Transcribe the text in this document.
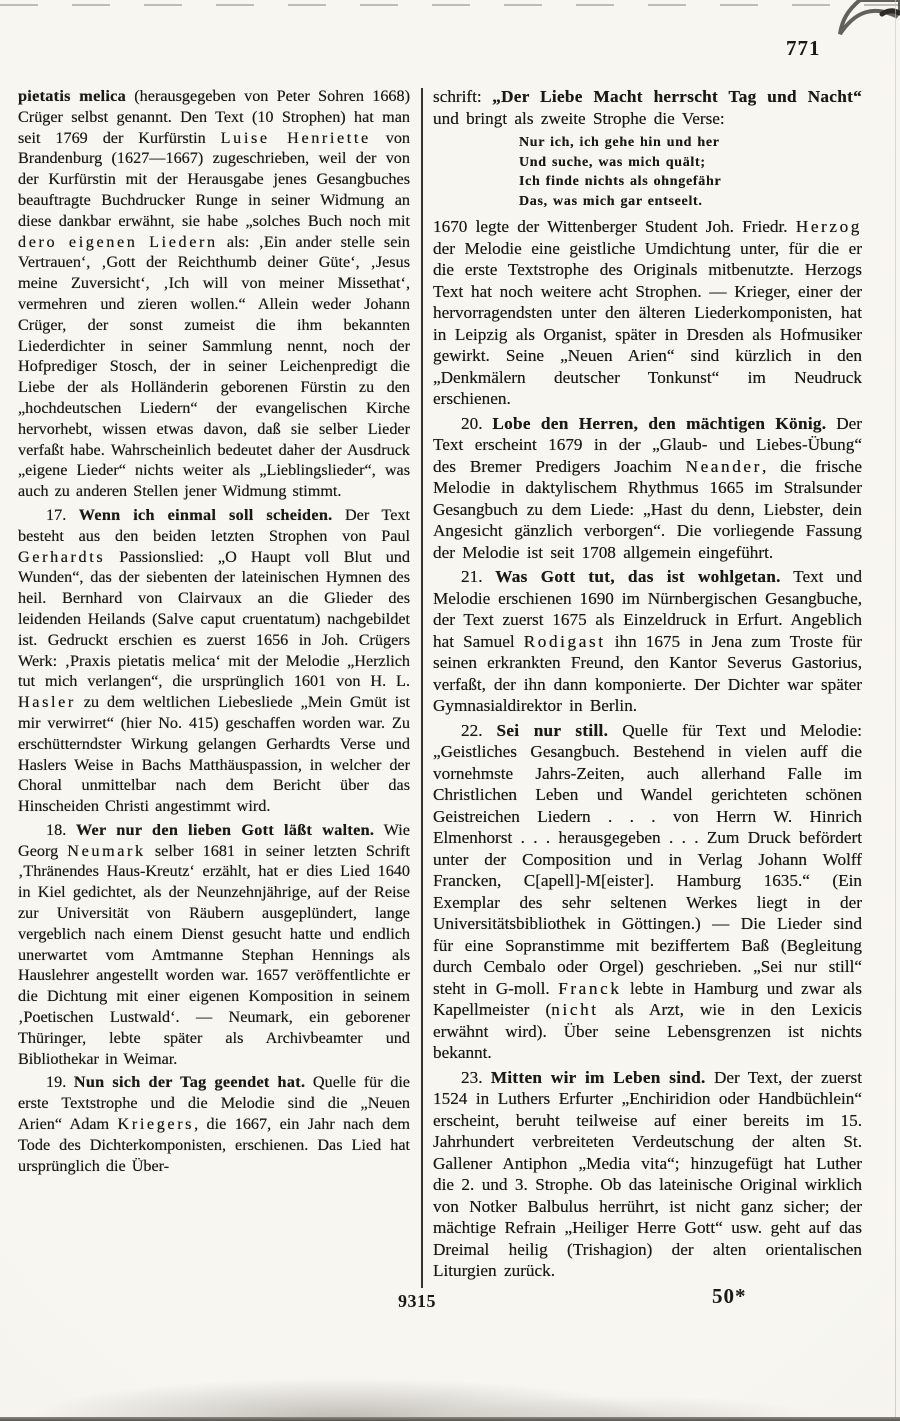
771

pietatis melica (herausgegeben von Peter Sohren 1668) Crüger selbst genannt. Den Text (10 Strophen) hat man seit 1769 der Kurfürstin Luise Henriette von Brandenburg (1627—1667) zugeschrieben, weil der von der Kurfürstin mit der Herausgabe jenes Gesangbuches beauftragte Buchdrucker Runge in seiner Widmung an diese dankbar erwähnt, sie habe „solches Buch noch mit dero eigenen Liedern als: ‚Ein ander stelle sein Vertrauen‘, ‚Gott der Reichthumb deiner Güte‘, ‚Jesus meine Zuversicht‘, ‚Ich will von meiner Missethat‘, vermehren und zieren wollen.“ Allein weder Johann Crüger, der sonst zumeist die ihm bekannten Liederdichter in seiner Sammlung nennt, noch der Hofprediger Stosch, der in seiner Leichenpredigt die Liebe der als Holländerin geborenen Fürstin zu den „hochdeutschen Liedern“ der evangelischen Kirche hervorhebt, wissen etwas davon, daß sie selber Lieder verfaßt habe. Wahrscheinlich bedeutet daher der Ausdruck „eigene Lieder“ nichts weiter als „Lieblingslieder“, was auch zu anderen Stellen jener Widmung stimmt.

17. Wenn ich einmal soll scheiden. Der Text besteht aus den beiden letzten Strophen von Paul Gerhardts Passionslied: „O Haupt voll Blut und Wunden“, das der siebenten der lateinischen Hymnen des heil. Bernhard von Clairvaux an die Glieder des leidenden Heilands (Salve caput cruentatum) nachgebildet ist. Gedruckt erschien es zuerst 1656 in Joh. Crügers Werk: ‚Praxis pietatis melica‘ mit der Melodie „Herzlich tut mich verlangen“, die ursprünglich 1601 von H. L. Hasler zu dem weltlichen Liebesliede „Mein Gmüt ist mir verwirret“ (hier No. 415) geschaffen worden war. Zu erschütterndster Wirkung gelangen Gerhardts Verse und Haslers Weise in Bachs Matthäuspassion, in welcher der Choral unmittelbar nach dem Bericht über das Hinscheiden Christi angestimmt wird.

18. Wer nur den lieben Gott läßt walten. Wie Georg Neumark selber 1681 in seiner letzten Schrift ‚Thränendes Haus-Kreutz‘ erzählt, hat er dies Lied 1640 in Kiel gedichtet, als der Neunzehnjährige, auf der Reise zur Universität von Räubern ausgeplündert, lange vergeblich nach einem Dienst gesucht hatte und endlich unerwartet vom Amtmanne Stephan Hennings als Hauslehrer angestellt worden war. 1657 veröffentlichte er die Dichtung mit einer eigenen Komposition in seinem ‚Poetischen Lustwald‘. — Neumark, ein geborener Thüringer, lebte später als Archivbeamter und Bibliothekar in Weimar.

19. Nun sich der Tag geendet hat. Quelle für die erste Textstrophe und die Melodie sind die „Neuen Arien“ Adam Kriegers, die 1667, ein Jahr nach dem Tode des Dichterkomponisten, erschienen. Das Lied hat ursprünglich die Über-

schrift: „Der Liebe Macht herrscht Tag und Nacht“ und bringt als zweite Strophe die Verse:

Nur ich, ich gehe hin und her
Und suche, was mich quält;
Ich finde nichts als ohngefähr
Das, was mich gar entseelt.

1670 legte der Wittenberger Student Joh. Friedr. Herzog der Melodie eine geistliche Umdichtung unter, für die er die erste Textstrophe des Originals mitbenutzte. Herzogs Text hat noch weitere acht Strophen. — Krieger, einer der hervorragendsten unter den älteren Liederkomponisten, hat in Leipzig als Organist, später in Dresden als Hofmusiker gewirkt. Seine „Neuen Arien“ sind kürzlich in den „Denkmälern deutscher Tonkunst“ im Neudruck erschienen.

20. Lobe den Herren, den mächtigen König. Der Text erscheint 1679 in der „Glaub- und Liebes-Übung“ des Bremer Predigers Joachim Neander, die frische Melodie in daktylischem Rhythmus 1665 im Stralsunder Gesangbuch zu dem Liede: „Hast du denn, Liebster, dein Angesicht gänzlich verborgen“. Die vorliegende Fassung der Melodie ist seit 1708 allgemein eingeführt.

21. Was Gott tut, das ist wohlgetan. Text und Melodie erschienen 1690 im Nürnbergischen Gesangbuche, der Text zuerst 1675 als Einzeldruck in Erfurt. Angeblich hat Samuel Rodigast ihn 1675 in Jena zum Troste für seinen erkrankten Freund, den Kantor Severus Gastorius, verfaßt, der ihn dann komponierte. Der Dichter war später Gymnasialdirektor in Berlin.

22. Sei nur still. Quelle für Text und Melodie: „Geistliches Gesangbuch. Bestehend in vielen auff die vornehmste Jahrs-Zeiten, auch allerhand Falle im Christlichen Leben und Wandel gerichteten schönen Geistreichen Liedern . . . von Herrn W. Hinrich Elmenhorst . . . herausgegeben . . . Zum Druck befördert unter der Composition und in Verlag Johann Wolff Francken, C[apell]-M[eister]. Hamburg 1635.“ (Ein Exemplar des sehr seltenen Werkes liegt in der Universitätsbibliothek in Göttingen.) — Die Lieder sind für eine Sopranstimme mit beziffertem Baß (Begleitung durch Cembalo oder Orgel) geschrieben. „Sei nur still“ steht in G-moll. Franck lebte in Hamburg und zwar als Kapellmeister (nicht als Arzt, wie in den Lexicis erwähnt wird). Über seine Lebensgrenzen ist nichts bekannt.

23. Mitten wir im Leben sind. Der Text, der zuerst 1524 in Luthers Erfurter „Enchiridion oder Handbüchlein“ erscheint, beruht teilweise auf einer bereits im 15. Jahrhundert verbreiteten Verdeutschung der alten St. Gallener Antiphon „Media vita“; hinzugefügt hat Luther die 2. und 3. Strophe. Ob das lateinische Original wirklich von Notker Balbulus herrührt, ist nicht ganz sicher; der mächtige Refrain „Heiliger Herre Gott“ usw. geht auf das Dreimal heilig (Trishagion) der alten orientalischen Liturgien zurück.

9315	50*
